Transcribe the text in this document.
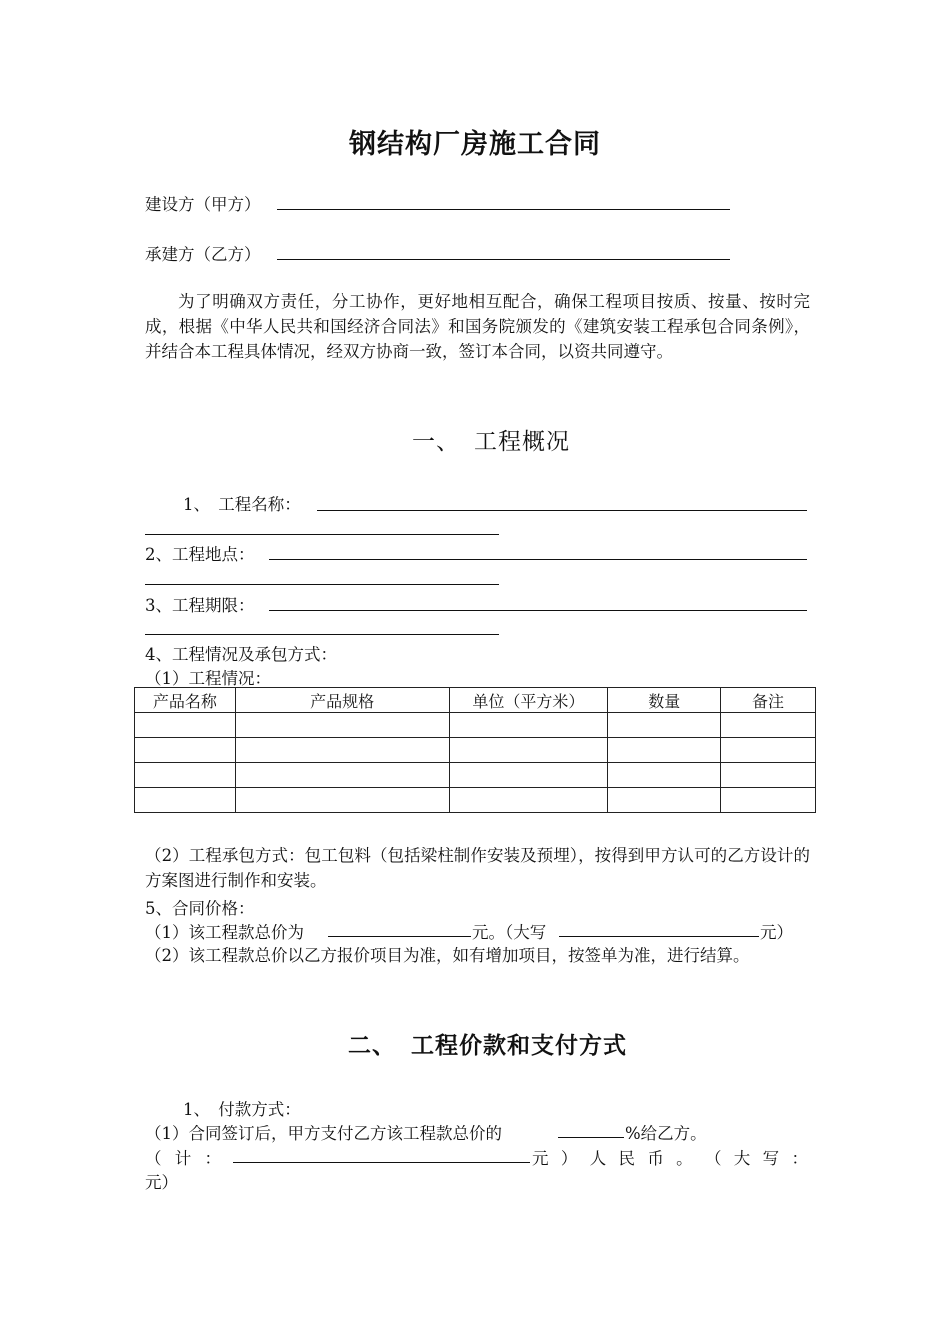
钢结构厂房施工合同
建设方（甲方）
承建方（乙方）
为了明确双方责任，分工协作，更好地相互配合，确保工程项目按质、按量、按时完成，根据《中华人民共和国经济合同法》和国务院颁发的《建筑安装工程承包合同条例》，并结合本工程具体情况，经双方协商一致，签订本合同，以资共同遵守。
一、 工程概况
1、　工程名称：
2、工程地点：
3、工程期限：
4、工程情况及承包方式：
（1）工程情况：
产品名称	产品规格	单位（平方米）	数量	备注

（2）工程承包方式：包工包料（包括梁柱制作安装及预埋），按得到甲方认可的乙方设计的方案图进行制作和安装。
5、合同价格：
（1）该工程款总价为	元。（大写	元）
（2）该工程款总价以乙方报价项目为准，如有增加项目，按签单为准，进行结算。
二、 工程价款和支付方式
1、　付款方式：
（1）合同签订后，甲方支付乙方该工程款总价的	%给乙方。
（ 计 ：	元 ） 人 民 币 。 （ 大 写 ：
元）
